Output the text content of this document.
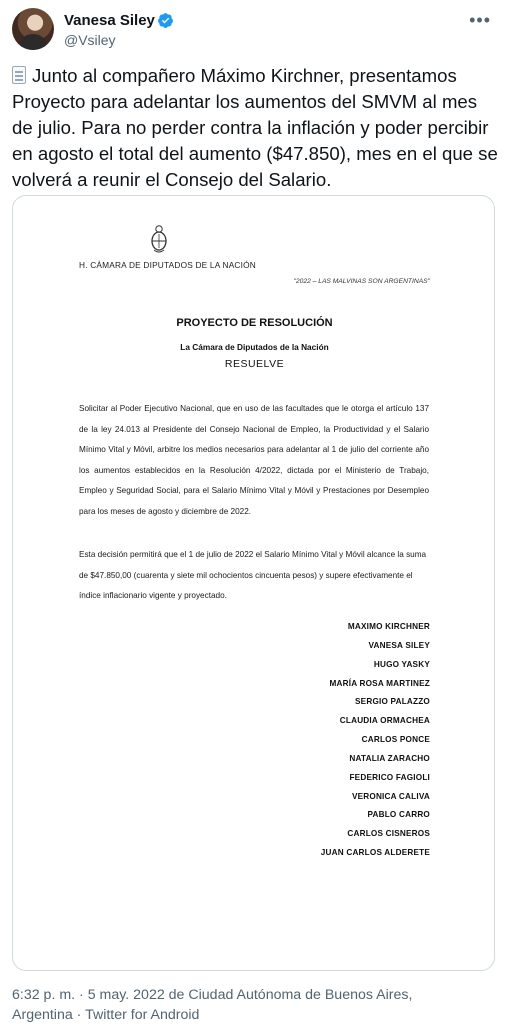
Vanesa Siley
@Vsiley
•••
Junto al compañero Máximo Kirchner, presentamos Proyecto para adelantar los aumentos del SMVM al mes de julio. Para no perder contra la inflación y poder percibir en agosto el total del aumento ($47.850), mes en el que se volverá a reunir el Consejo del Salario.
H. CÁMARA DE DIPUTADOS DE LA NACIÓN
"2022 – LAS MALVINAS SON ARGENTINAS"
PROYECTO DE RESOLUCIÓN
La Cámara de Diputados de la Nación
RESUELVE
Solicitar al Poder Ejecutivo Nacional, que en uso de las facultades que le otorga el artículo 137 de la ley 24.013 al Presidente del Consejo Nacional de Empleo, la Productividad y el Salario Mínimo Vital y Móvil, arbitre los medios necesarios para adelantar al 1 de julio del corriente año los aumentos establecidos en la Resolución 4/2022, dictada por el Ministerio de Trabajo, Empleo y Seguridad Social, para el Salario Mínimo Vital y Móvil y Prestaciones por Desempleo para los meses de agosto y diciembre de 2022.
Esta decisión permitirá que el 1 de julio de 2022 el Salario Mínimo Vital y Móvil alcance la suma de $47.850,00 (cuarenta y siete mil ochocientos cincuenta pesos) y supere efectivamente el índice inflacionario vigente y proyectado.
MAXIMO KIRCHNER
VANESA SILEY
HUGO YASKY
MARÍA ROSA MARTINEZ
SERGIO PALAZZO
CLAUDIA ORMACHEA
CARLOS PONCE
NATALIA ZARACHO
FEDERICO FAGIOLI
VERONICA CALIVA
PABLO CARRO
CARLOS CISNEROS
JUAN CARLOS ALDERETE
6:32 p. m. · 5 may. 2022 de Ciudad Autónoma de Buenos Aires,
Argentina · Twitter for Android
